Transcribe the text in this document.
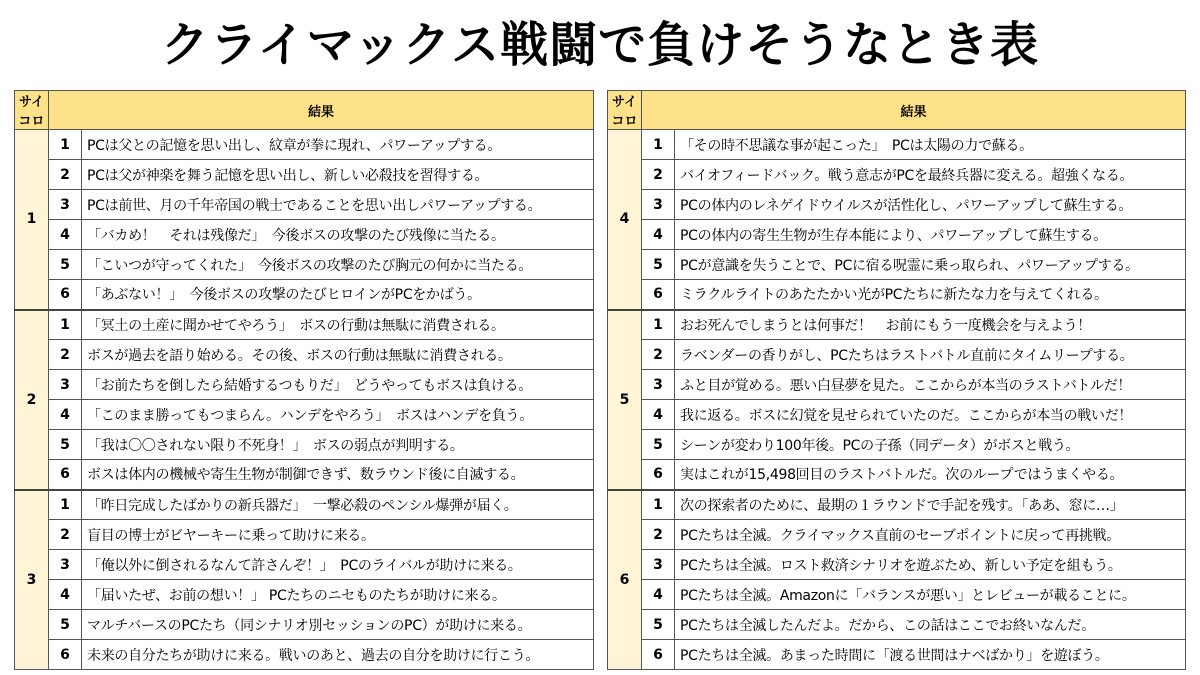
クライマックス戦闘で負けそうなとき表
サイコロ	結果	
1	1	PCは父との記憶を思い出し、紋章が拳に現れ、パワーアップする。
	2	PCは父が神楽を舞う記憶を思い出し、新しい必殺技を習得する。
	3	PCは前世、月の千年帝国の戦士であることを思い出しパワーアップする。
	4	「バカめ！　それは残像だ」　今後ボスの攻撃のたび残像に当たる。
	5	「こいつが守ってくれた」　今後ボスの攻撃のたび胸元の何かに当たる。
	6	「あぶない！」　今後ボスの攻撃のたびヒロインがPCをかばう。
2	1	「冥土の土産に聞かせてやろう」　ボスの行動は無駄に消費される。
	2	ボスが過去を語り始める。その後、ボスの行動は無駄に消費される。
	3	「お前たちを倒したら結婚するつもりだ」　どうやってもボスは負ける。
	4	「このまま勝ってもつまらん。ハンデをやろう」　ボスはハンデを負う。
	5	「我は〇〇されない限り不死身！」　ボスの弱点が判明する。
	6	ボスは体内の機械や寄生生物が制御できず、数ラウンド後に自滅する。
3	1	「昨日完成したばかりの新兵器だ」　一撃必殺のペンシル爆弾が届く。
	2	盲目の博士がビヤーキーに乗って助けに来る。
	3	「俺以外に倒されるなんて許さんぞ！」　PCのライバルが助けに来る。
	4	「届いたぜ、お前の想い！」 PCたちのニセものたちが助けに来る。
	5	マルチバースのPCたち（同シナリオ別セッションのPC）が助けに来る。
	6	未来の自分たちが助けに来る。戦いのあと、過去の自分を助けに行こう。
サイコロ	結果	
4	1	「その時不思議な事が起こった」　PCは太陽の力で蘇る。
	2	バイオフィードバック。戦う意志がPCを最終兵器に変える。超強くなる。
	3	PCの体内のレネゲイドウイルスが活性化し、パワーアップして蘇生する。
	4	PCの体内の寄生生物が生存本能により、パワーアップして蘇生する。
	5	PCが意識を失うことで、PCに宿る呪霊に乗っ取られ、パワーアップする。
	6	ミラクルライトのあたたかい光がPCたちに新たな力を与えてくれる。
5	1	おお死んでしまうとは何事だ！　お前にもう一度機会を与えよう！
	2	ラベンダーの香りがし、PCたちはラストバトル直前にタイムリープする。
	3	ふと目が覚める。悪い白昼夢を見た。ここからが本当のラストバトルだ！
	4	我に返る。ボスに幻覚を見せられていたのだ。ここからが本当の戦いだ！
	5	シーンが変わり100年後。PCの子孫（同データ）がボスと戦う。
	6	実はこれが15,498回目のラストバトルだ。次のループではうまくやる。
6	1	次の探索者のために、最期の１ラウンドで手記を残す。「ああ、窓に…」
	2	PCたちは全滅。クライマックス直前のセーブポイントに戻って再挑戦。
	3	PCたちは全滅。ロスト救済シナリオを遊ぶため、新しい予定を組もう。
	4	PCたちは全滅。Amazonに「バランスが悪い」とレビューが載ることに。
	5	PCたちは全滅したんだよ。だから、この話はここでお終いなんだ。
	6	PCたちは全滅。あまった時間に「渡る世間はナベばかり」を遊ぼう。
